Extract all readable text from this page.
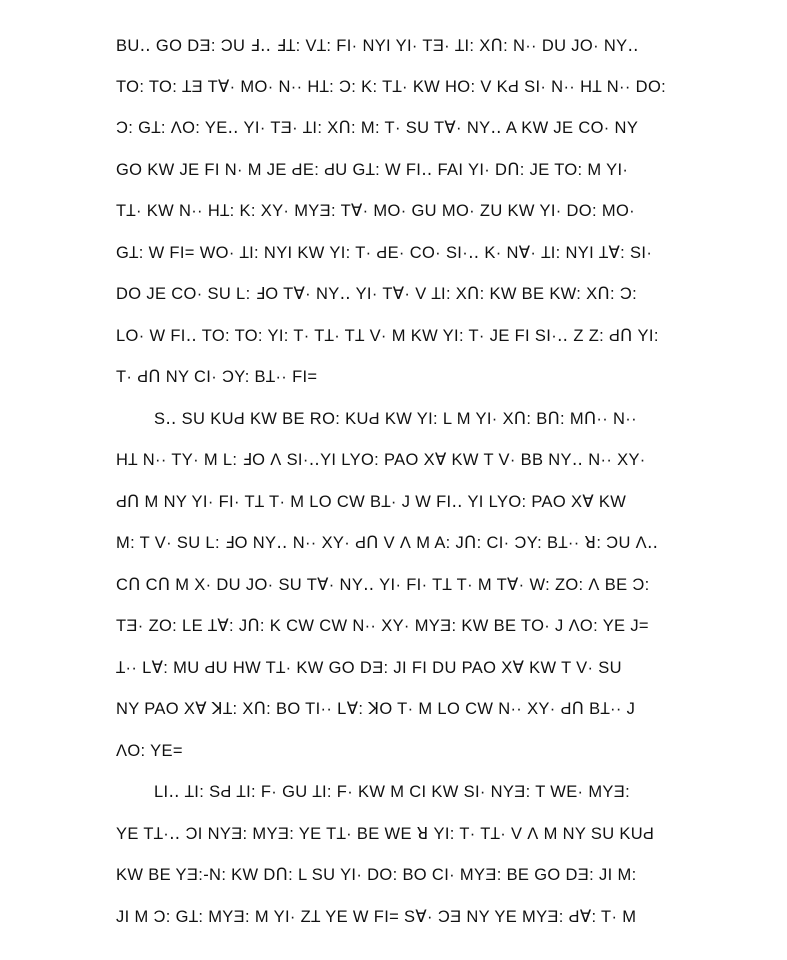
BU‥ GO DƎ: ƆU Ⅎ‥ ℲꞱ: VꞱ: FI· NYI YI· TƎ· ꞱI: XՈ: N·· DU JO· NY‥
TO: TO: ꞱƎ TⱯ· MO· N·· HꞱ: Ɔ: K: TꞱ· KW HO: V KԀ SI· N·· HꞱ N·· DO:
Ɔ: GꞱ: ɅO: YE‥ YI· TƎ· ꞱI: XՈ: M: T· SU TⱯ· NY‥ A KW JE CO· NY
GO KW JE FI N· M JE ԀE: ԀU GꞱ: W FI‥ FAI YI· DՈ: JE TO: M YI·
TꞱ· KW N·· HꞱ: K: XY· MYƎ: TⱯ· MO· GU MO· ZU KW YI· DO: MO·
GꞱ: W FI= WO· ꞱI: NYI KW YI: T· ԀE· CO· SI·‥ K· NⱯ· ꞱI: NYI ꞱⱯ: SI·
DO JE CO· SU L: ℲO TⱯ· NY‥ YI· TⱯ· V ꞱI: XՈ: KW BE KW: XՈ: Ɔ:
LO· W FI‥ TO: TO: YI: T· TꞱ· TꞱ V· M KW YI: T· JE FI SI·‥ Z Z: ԀՈ YI:
T· ԀՈ NY CI· ƆY: BꞱ·· FI=
S‥ SU KUԀ KW BE RO: KUԀ KW YI: L M YI· XՈ: BՈ: MՈ·· N··
HꞱ N·· TY· M L: ℲO Ʌ SI·‥YI LYO: PAO XⱯ KW T V· BB NY‥ N·· XY·
ԀՈ M NY YI· FI· TꞱ T· M LO CW BꞱ· J W FI‥ YI LYO: PAO XⱯ KW
M: T V· SU L: ℲO NY‥ N·· XY· ԀՈ V Ʌ M A: JՈ: CI· ƆY: BꞱ·· ꓤ: ƆU Ʌ‥
CՈ CՈ M X· DU JO· SU TⱯ· NY‥ YI· FI· TꞱ T· M TⱯ· W: ZO: Ʌ BE Ɔ:
TƎ· ZO: LE ꞱⱯ: JՈ: K CW CW N·· XY· MYƎ: KW BE TO· J ɅO: YE J=
Ʇ·· LⱯ: MU ԀU HW TꞱ· KW GO DƎ: JI FI DU PAO XⱯ KW T V· SU
NY PAO XⱯ ꓘꞱ: XՈ: BO TI·· LⱯ: ꓘO T· M LO CW N·· XY· ԀՈ BꞱ·· J
ɅO: YE=
LI‥ ꞱI: SԀ ꞱI: F· GU ꞱI: F· KW M CI KW SI· NYƎ: T WE· MYƎ:
YE TꞱ·‥ ƆI NYƎ: MYƎ: YE TꞱ· BE WE ꓤ YI: T· TꞱ· V Ʌ M NY SU KUԀ
KW BE YƎ:-N: KW DՈ: L SU YI· DO: BO CI· MYƎ: BE GO DƎ: JI M:
JI M Ɔ: GꞱ: MYƎ: M YI· ZꞱ YE W FI= SⱯ· ƆƎ NY YE MYƎ: ԀⱯ: T· M
